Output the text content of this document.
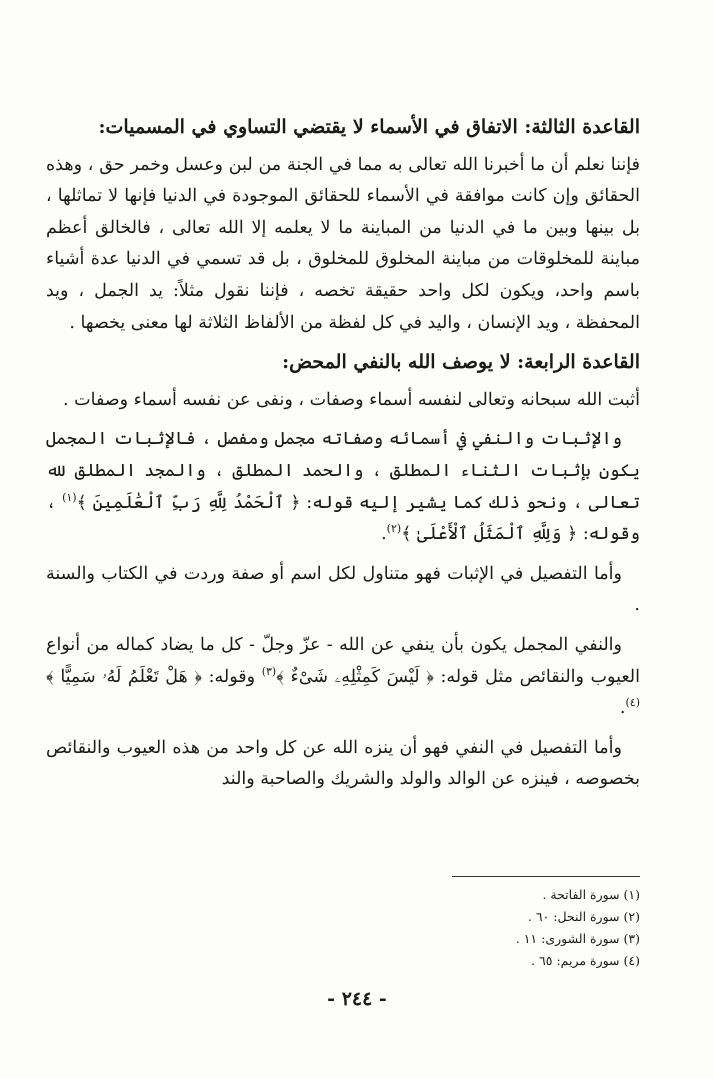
القاعدة الثالثة: الاتفاق في الأسماء لا يقتضي التساوي في المسميات:

فإننا نعلم أن ما أخبرنا الله تعالى به مما في الجنة من لبن وعسل وخمر حق ، وهذه الحقائق وإن كانت موافقة في الأسماء للحقائق الموجودة في الدنيا فإنها لا تماثلها ، بل بينها وبين ما في الدنيا من المباينة ما لا يعلمه إلا الله تعالى ، فالخالق أعظم مباينة للمخلوقات من مباينة المخلوق للمخلوق ، بل قد تسمي في الدنيا عدة أشياء باسم واحد، ويكون لكل واحد حقيقة تخصه ، فإننا نقول مثلاً: يد الجمل ، ويد المحفظة ، ويد الإنسان ، واليد في كل لفظة من الألفاظ الثلاثة لها معنى يخصها .

القاعدة الرابعة: لا يوصف الله بالنفي المحض:

أثبت الله سبحانه وتعالى لنفسه أسماء وصفات ، ونفى عن نفسه أسماء وصفات .

والإثبات والنفي في أسمائه وصفاته مجمل ومفصل ، فالإثبات المجمل يكون بإثبات الثناء المطلق ، والحمد المطلق ، والمجد المطلق لله تعالى ، ونحو ذلك كما يشير إليه قوله: ﴿ ٱلْحَمْدُ لِلَّهِ رَبِّ ٱلْعَٰلَمِينَ ﴾$^{(١)}$ ، وقوله: ﴿ وَلِلَّهِ ٱلْمَثَلُ ٱلْأَعْلَىٰ ﴾$^{(٢)}$.

وأما التفصيل في الإثبات فهو متناول لكل اسم أو صفة وردت في الكتاب والسنة .

والنفي المجمل يكون بأن ينفي عن الله - عزّ وجلّ - كل ما يضاد كماله من أنواع العيوب والنقائص مثل قوله: ﴿ لَيْسَ كَمِثْلِهِۦ شَىْءٌ ﴾$^{(٣)}$ وقوله: ﴿ هَلْ تَعْلَمُ لَهُۥ سَمِيًّا ﴾$^{(٤)}$.

وأما التفصيل في النفي فهو أن ينزه الله عن كل واحد من هذه العيوب والنقائص بخصوصه ، فينزه عن الوالد والولد والشريك والصاحبة والند

(١) سورة الفاتحة .
(٢) سورة النحل: ٦٠ .
(٣) سورة الشورى: ١١ .
(٤) سورة مريم: ٦٥ .
- ٢٤٤ -
